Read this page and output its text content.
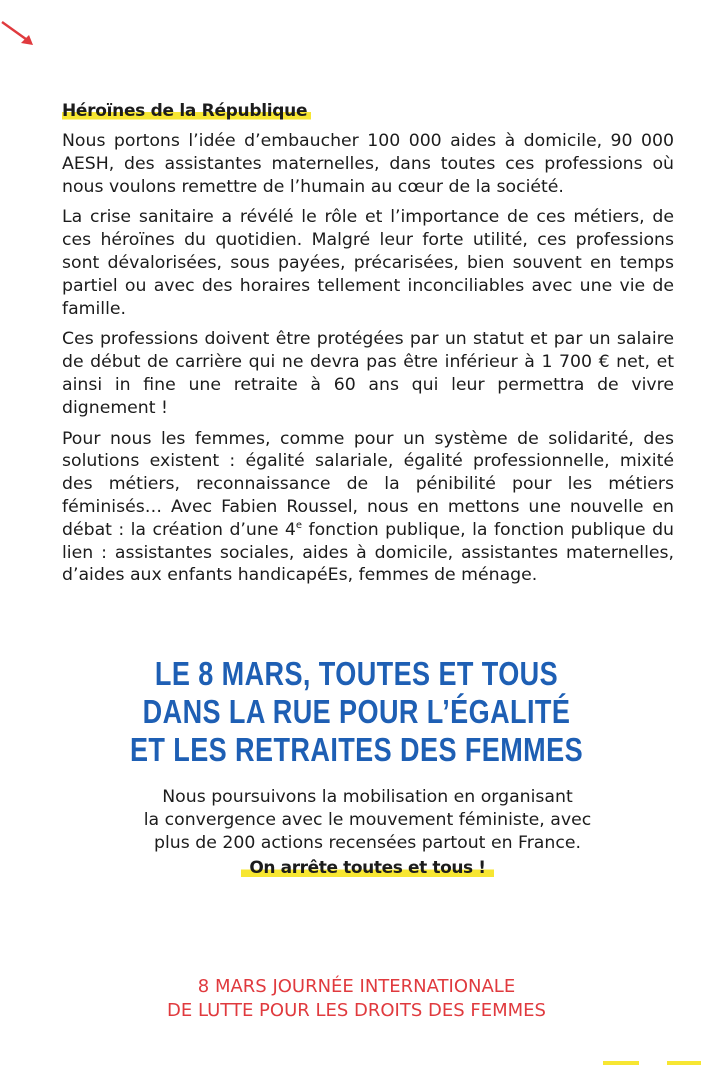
Héroïnes de la République

Nous portons l’idée d’embaucher 100 000 aides à domicile, 90 000 AESH, des assistantes maternelles, dans toutes ces professions où nous voulons remettre de l’humain au cœur de la société.

La crise sanitaire a révélé le rôle et l’importance de ces métiers, de ces héroïnes du quotidien. Malgré leur forte utilité, ces professions sont dévalorisées, sous payées, précarisées, bien souvent en temps partiel ou avec des horaires tellement inconciliables avec une vie de famille.

Ces professions doivent être protégées par un statut et par un salaire de début de carrière qui ne devra pas être inférieur à 1 700 € net, et ainsi in fine une retraite à 60 ans qui leur permettra de vivre dignement !

Pour nous les femmes, comme pour un système de solidarité, des solutions existent : égalité salariale, égalité professionnelle, mixité des métiers, reconnaissance de la pénibilité pour les métiers féminisés… Avec Fabien Roussel, nous en mettons une nouvelle en débat : la création d’une 4e fonction publique, la fonction publique du lien : assistantes sociales, aides à domicile, assistantes maternelles, d’aides aux enfants handicapéEs, femmes de ménage.

LE 8 MARS, TOUTES ET TOUS
DANS LA RUE POUR L’ÉGALITÉ
ET LES RETRAITES DES FEMMES

Nous poursuivons la mobilisation en organisant
la convergence avec le mouvement féministe, avec
plus de 200 actions recensées partout en France.

On arrête toutes et tous !

8 MARS JOURNÉE INTERNATIONALE
DE LUTTE POUR LES DROITS DES FEMMES
